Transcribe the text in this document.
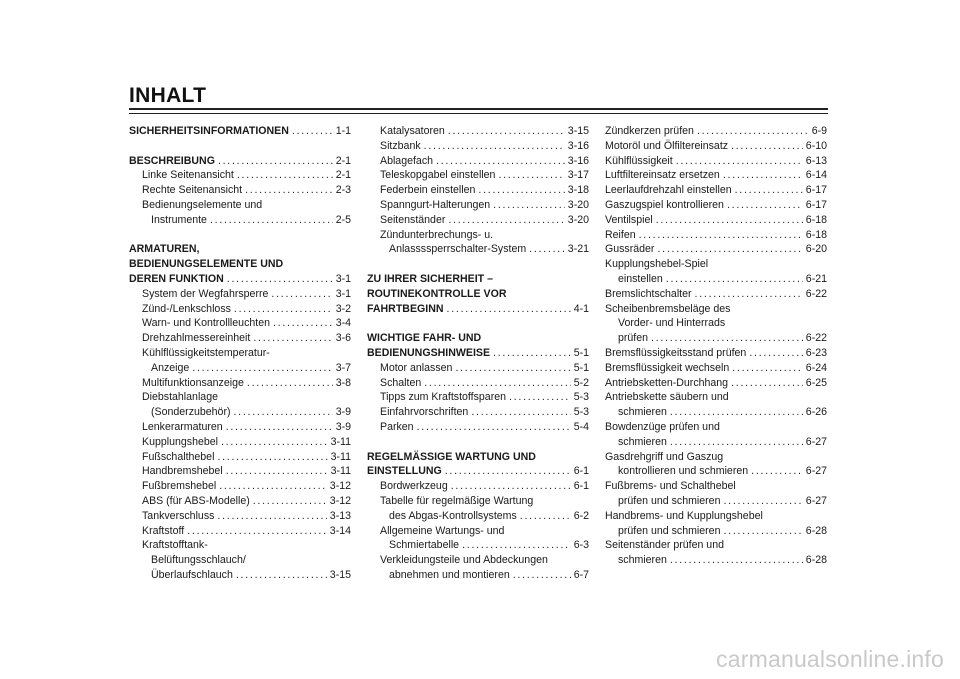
INHALT
SICHERHEITSINFORMATIONEN . . .	1-1
BESCHREIBUNG . . .	2-1
Linke Seitenansicht . . .	2-1
Rechte Seitenansicht . . .	2-3
Bedienungselemente und
Instrumente . . .	2-5
ARMATUREN,
BEDIENUNGSELEMENTE UND
DEREN FUNKTION . . .	3-1
System der Wegfahrsperre . . .	3-1
Zünd-/Lenkschloss . . .	3-2
Warn- und Kontrollleuchten . . .	3-4
Drehzahlmessereinheit . . .	3-6
Kühlflüssigkeitstemperatur-
Anzeige . . .	3-7
Multifunktionsanzeige . . .	3-8
Diebstahlanlage
(Sonderzubehör) . . .	3-9
Lenkerarmaturen . . .	3-9
Kupplungshebel . . .	3-11
Fußschalthebel . . .	3-11
Handbremshebel . . .	3-11
Fußbremshebel . . .	3-12
ABS (für ABS-Modelle) . . .	3-12
Tankverschluss . . .	3-13
Kraftstoff . . .	3-14
Kraftstofftank-
Belüftungsschlauch/
Überlaufschlauch . . .	3-15
Katalysatoren . . .	3-15
Sitzbank . . .	3-16
Ablagefach . . .	3-16
Teleskopgabel einstellen . . .	3-17
Federbein einstellen . . .	3-18
Spanngurt-Halterungen . . .	3-20
Seitenständer . . .	3-20
Zündunterbrechungs- u.
Anlassssperrschalter-System . . .	3-21
ZU IHRER SICHERHEIT –
ROUTINEKONTROLLE VOR
FAHRTBEGINN . . .	4-1
WICHTIGE FAHR- UND
BEDIENUNGSHINWEISE . . .	5-1
Motor anlassen . . .	5-1
Schalten . . .	5-2
Tipps zum Kraftstoffsparen . . .	5-3
Einfahrvorschriften . . .	5-3
Parken . . .	5-4
REGELMÄSSIGE WARTUNG UND
EINSTELLUNG . . .	6-1
Bordwerkzeug . . .	6-1
Tabelle für regelmäßige Wartung
des Abgas-Kontrollsystems . . .	6-2
Allgemeine Wartungs- und
Schmiertabelle . . .	6-3
Verkleidungsteile und Abdeckungen
abnehmen und montieren . . .	6-7
Zündkerzen prüfen . . .	6-9
Motoröl und Ölfiltereinsatz . . .	6-10
Kühlflüssigkeit . . .	6-13
Luftfiltereinsatz ersetzen . . .	6-14
Leerlaufdrehzahl einstellen . . .	6-17
Gaszugspiel kontrollieren . . .	6-17
Ventilspiel . . .	6-18
Reifen . . .	6-18
Gussräder . . .	6-20
Kupplungshebel-Spiel
einstellen . . .	6-21
Bremslichtschalter . . .	6-22
Scheibenbremsbeläge des
Vorder- und Hinterrads
prüfen . . .	6-22
Bremsflüssigkeitsstand prüfen . . .	6-23
Bremsflüssigkeit wechseln . . .	6-24
Antriebsketten-Durchhang . . .	6-25
Antriebskette säubern und
schmieren . . .	6-26
Bowdenzüge prüfen und
schmieren . . .	6-27
Gasdrehgriff und Gaszug
kontrollieren und schmieren . . .	6-27
Fußbrems- und Schalthebel
prüfen und schmieren . . .	6-27
Handbrems- und Kupplungshebel
prüfen und schmieren . . .	6-28
Seitenständer prüfen und
schmieren . . .	6-28
carmanualsonline.info
